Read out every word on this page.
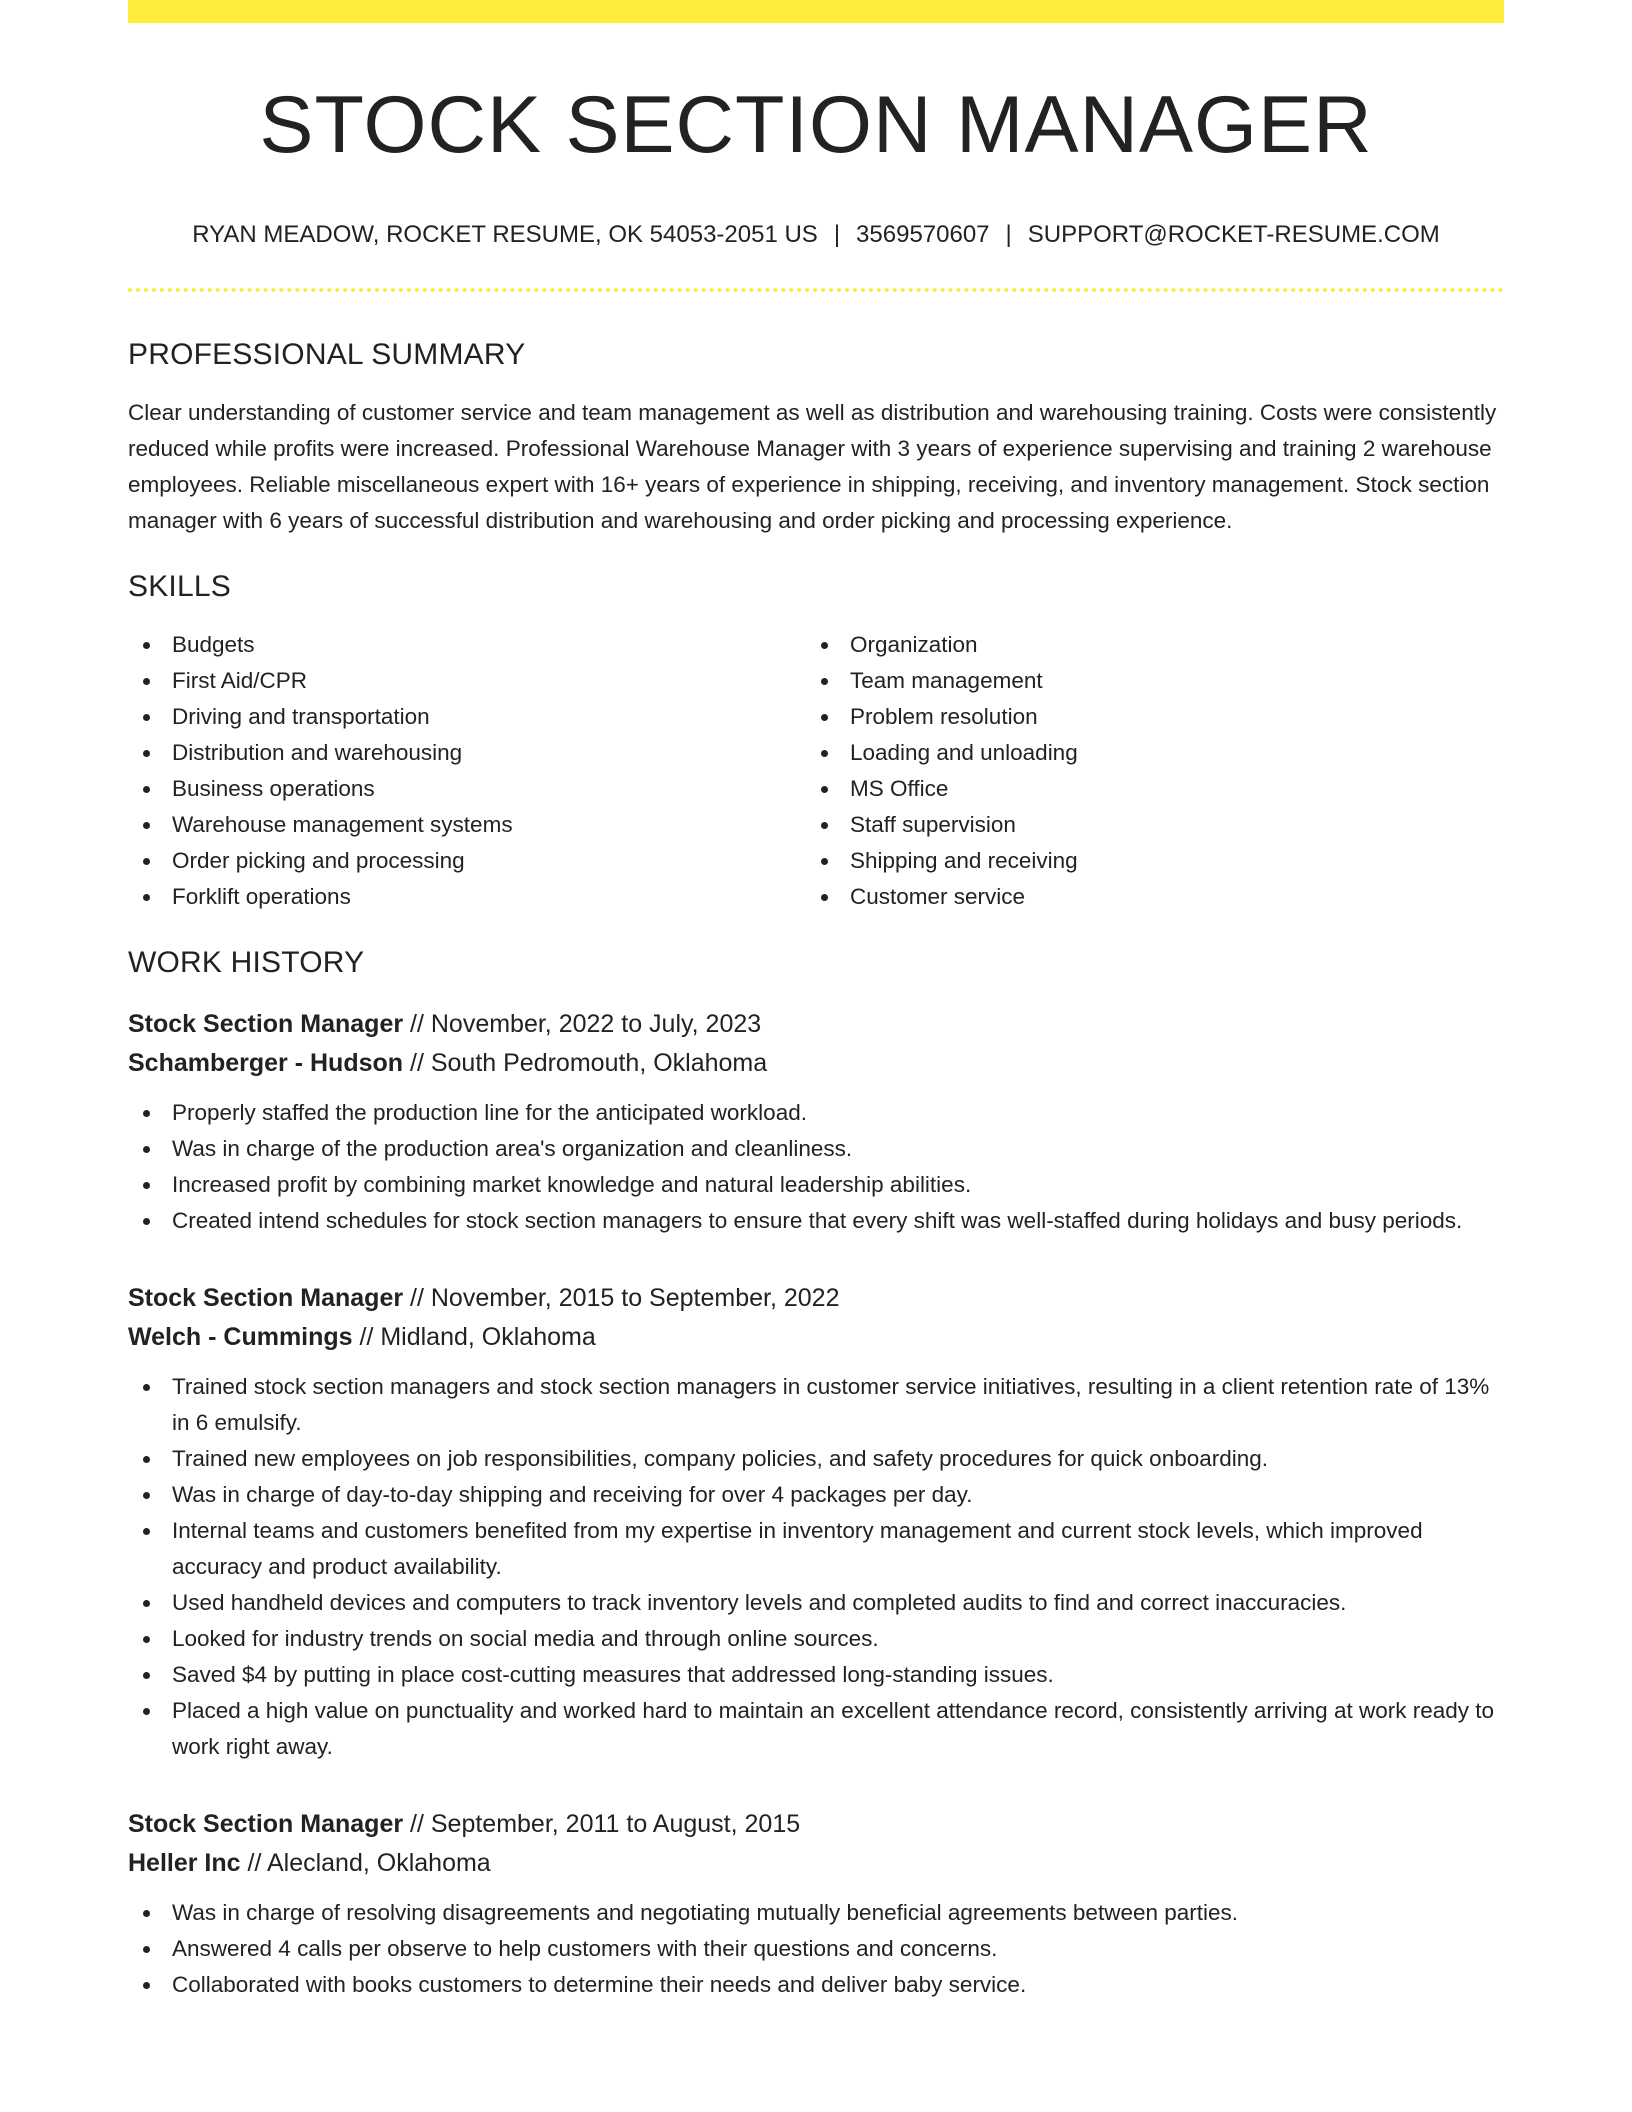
STOCK SECTION MANAGER
RYAN MEADOW, ROCKET RESUME, OK 54053-2051 US | 3569570607 | SUPPORT@ROCKET-RESUME.COM
PROFESSIONAL SUMMARY

Clear understanding of customer service and team management as well as distribution and warehousing training. Costs were consistently reduced while profits were increased. Professional Warehouse Manager with 3 years of experience supervising and training 2 warehouse employees. Reliable miscellaneous expert with 16+ years of experience in shipping, receiving, and inventory management. Stock section manager with 6 years of successful distribution and warehousing and order picking and processing experience.

SKILLS
Budgets
First Aid/CPR
Driving and transportation
Distribution and warehousing
Business operations
Warehouse management systems
Order picking and processing
Forklift operations
Organization
Team management
Problem resolution
Loading and unloading
MS Office
Staff supervision
Shipping and receiving
Customer service
WORK HISTORY
Stock Section Manager // November, 2022 to July, 2023
Schamberger - Hudson // South Pedromouth, Oklahoma
Properly staffed the production line for the anticipated workload.
Was in charge of the production area's organization and cleanliness.
Increased profit by combining market knowledge and natural leadership abilities.
Created intend schedules for stock section managers to ensure that every shift was well-staffed during holidays and busy periods.
Stock Section Manager // November, 2015 to September, 2022
Welch - Cummings // Midland, Oklahoma
Trained stock section managers and stock section managers in customer service initiatives, resulting in a client retention rate of 13% in 6 emulsify.
Trained new employees on job responsibilities, company policies, and safety procedures for quick onboarding.
Was in charge of day-to-day shipping and receiving for over 4 packages per day.
Internal teams and customers benefited from my expertise in inventory management and current stock levels, which improved accuracy and product availability.
Used handheld devices and computers to track inventory levels and completed audits to find and correct inaccuracies.
Looked for industry trends on social media and through online sources.
Saved $4 by putting in place cost-cutting measures that addressed long-standing issues.
Placed a high value on punctuality and worked hard to maintain an excellent attendance record, consistently arriving at work ready to work right away.
Stock Section Manager // September, 2011 to August, 2015
Heller Inc // Alecland, Oklahoma
Was in charge of resolving disagreements and negotiating mutually beneficial agreements between parties.
Answered 4 calls per observe to help customers with their questions and concerns.
Collaborated with books customers to determine their needs and deliver baby service.
